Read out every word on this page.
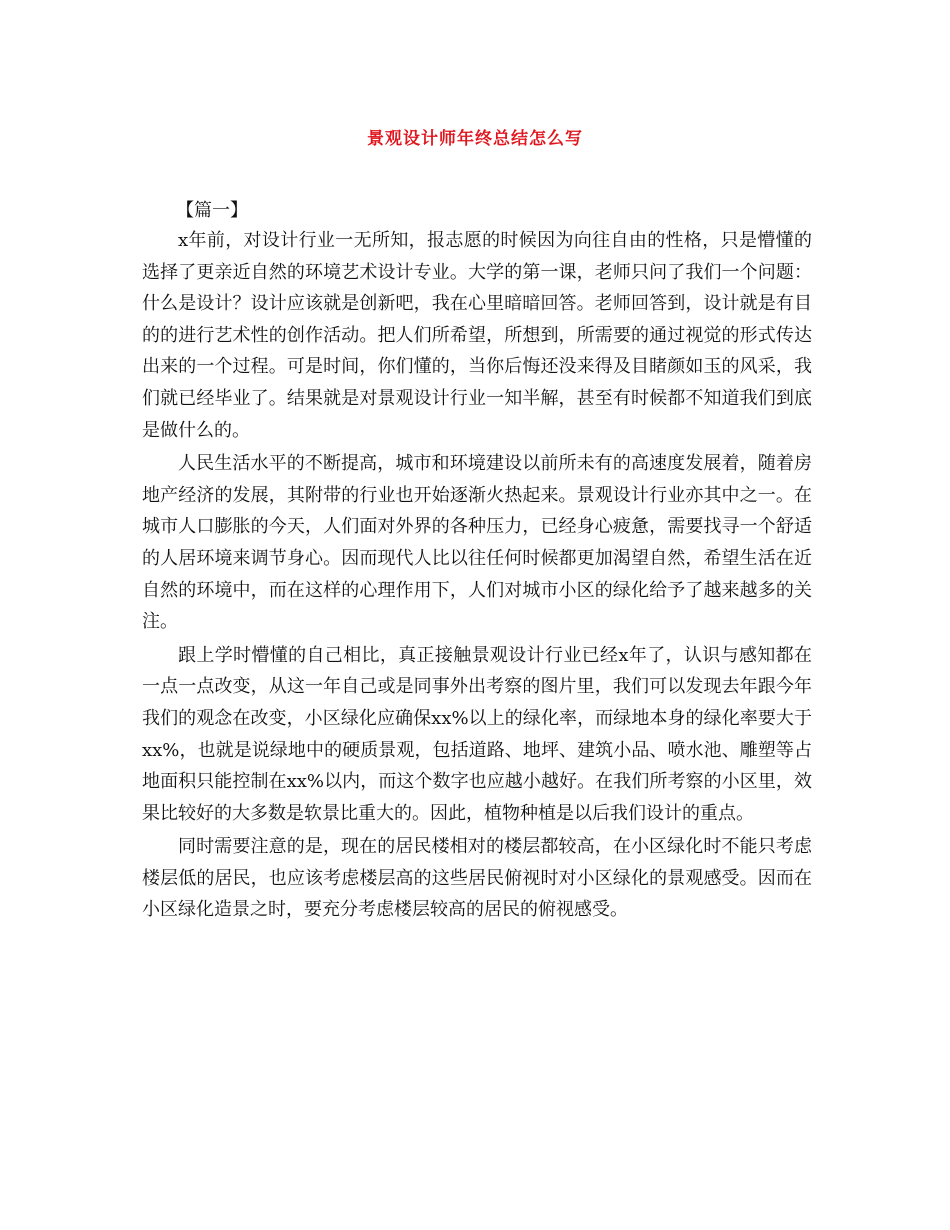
景观设计师年终总结怎么写
【篇一】

x年前，对设计行业一无所知，报志愿的时候因为向往自由的性格，只是懵懂的选择了更亲近自然的环境艺术设计专业。大学的第一课，老师只问了我们一个问题：什么是设计？设计应该就是创新吧，我在心里暗暗回答。老师回答到，设计就是有目的的进行艺术性的创作活动。把人们所希望，所想到，所需要的通过视觉的形式传达出来的一个过程。可是时间，你们懂的，当你后悔还没来得及目睹颜如玉的风采，我们就已经毕业了。结果就是对景观设计行业一知半解，甚至有时候都不知道我们到底是做什么的。

人民生活水平的不断提高，城市和环境建设以前所未有的高速度发展着，随着房地产经济的发展，其附带的行业也开始逐渐火热起来。景观设计行业亦其中之一。在城市人口膨胀的今天，人们面对外界的各种压力，已经身心疲惫，需要找寻一个舒适的人居环境来调节身心。因而现代人比以往任何时候都更加渴望自然，希望生活在近自然的环境中，而在这样的心理作用下，人们对城市小区的绿化给予了越来越多的关注。

跟上学时懵懂的自己相比，真正接触景观设计行业已经x年了，认识与感知都在一点一点改变，从这一年自己或是同事外出考察的图片里，我们可以发现去年跟今年我们的观念在改变，小区绿化应确保xx%以上的绿化率，而绿地本身的绿化率要大于xx%，也就是说绿地中的硬质景观，包括道路、地坪、建筑小品、喷水池、雕塑等占地面积只能控制在xx%以内，而这个数字也应越小越好。在我们所考察的小区里，效果比较好的大多数是软景比重大的。因此，植物种植是以后我们设计的重点。

同时需要注意的是，现在的居民楼相对的楼层都较高，在小区绿化时不能只考虑楼层低的居民，也应该考虑楼层高的这些居民俯视时对小区绿化的景观感受。因而在小区绿化造景之时，要充分考虑楼层较高的居民的俯视感受。
